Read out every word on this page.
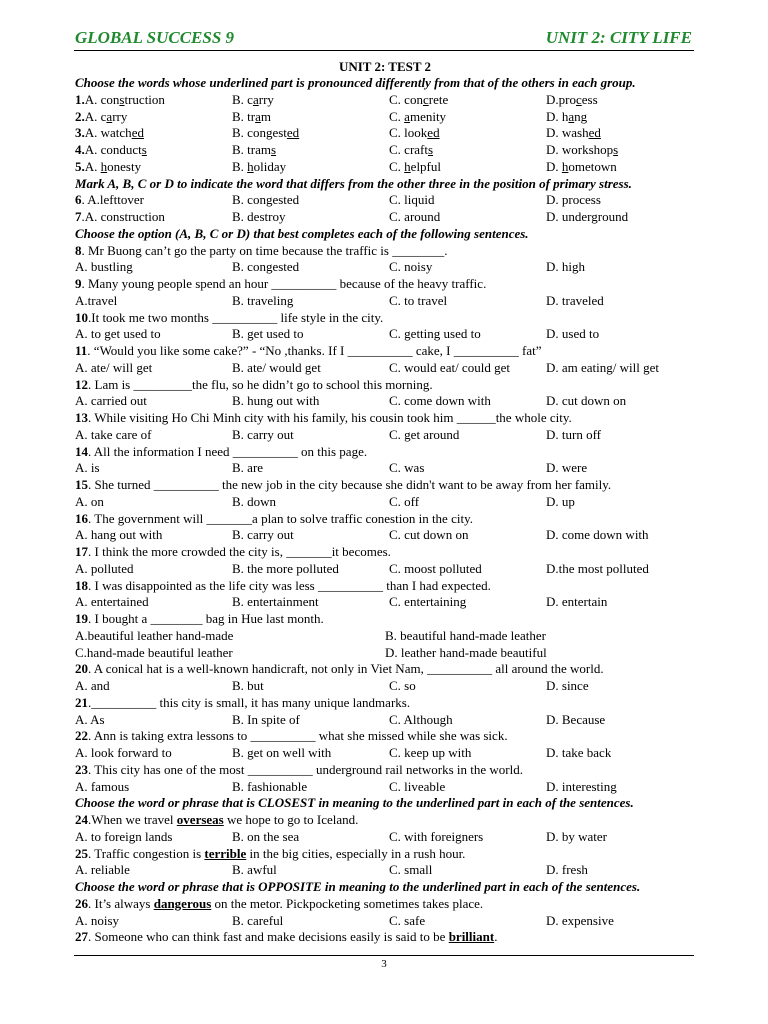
GLOBAL SUCCESS 9	UNIT 2: CITY LIFE
UNIT 2: TEST 2
Choose the words whose underlined part is pronounced differently from that of the others in each group.
1.A. construction	B. carry	C. concrete	D.process
2.A. carry	B. tram	C. amenity	D. hang
3.A. watched	B. congested	C. looked	D. washed
4.A. conducts	B. trams	C. crafts	D. workshops
5.A. honesty	B. holiday	C. helpful	D. hometown
Mark A, B, C or D to indicate the word that differs from the other three in the position of primary stress.
6. A.lefttover	B. congested	C. liquid	D. process
7.A. construction	B. destroy	C. around	D. underground
Choose the option (A, B, C or D) that best completes each of the following sentences.
8. Mr Buong can’t go the party on time because the traffic is ________.
A. bustling	B. congested	C. noisy	D. high
9. Many young people spend an hour __________ because of the heavy traffic.
A.travel	B. traveling	C. to travel	D. traveled
10.It took me two months __________ life style in the city.
A. to get used to	B. get used to	C. getting used to	D. used to
11. “Would you like some cake?” - “No ,thanks. If I __________ cake, I __________ fat”
A. ate/ will get	B. ate/ would get	C. would eat/ could get	D. am eating/ will get
12. Lam is _________the flu, so he didn’t go to school this morning.
A. carried out	B. hung out with	C. come down with	D. cut down on
13. While visiting Ho Chi Minh city with his family, his cousin took him ______the whole city.
A. take care of	B. carry out	C. get around	D. turn off
14. All the information I need __________ on this page.
A. is	B. are	C. was	D. were
15. She turned __________ the new job in the city because she didn't want to be away from her family.
A. on	B. down	C. off	D. up
16. The government will _______a plan to solve traffic conestion in the city.
A. hang out with	B. carry out	C. cut down on	D. come down with
17. I think the more crowded the city is, _______it becomes.
A. polluted	B. the more polluted	C. moost polluted	D.the most polluted
18. I was disappointed as the life city was less __________ than I had expected.
A. entertained	B. entertainment	C. entertaining	D. entertain
19. I bought a ________ bag in Hue last month.
A.beautiful leather hand-made	B. beautiful hand-made leather
C.hand-made beautiful leather	D. leather hand-made beautiful
20. A conical hat is a well-known handicraft, not only in Viet Nam, __________ all around the world.
A. and	B. but	C. so	D. since
21.__________ this city is small, it has many unique landmarks.
A. As	B. In spite of	C. Although	D. Because
22. Ann is taking extra lessons to __________ what she missed while she was sick.
A. look forward to	B. get on well with	C. keep up with	D. take back
23. This city has one of the most __________ underground rail networks in the world.
A. famous	B. fashionable	C. liveable	D. interesting
Choose the word or phrase that is CLOSEST in meaning to the underlined part in each of the sentences.
24.When we travel overseas we hope to go to Iceland.
A. to foreign lands	B. on the sea	C. with foreigners	D. by water
25. Traffic congestion is terrible in the big cities, especially in a rush hour.
A. reliable	B. awful	C. small	D. fresh
Choose the word or phrase that is OPPOSITE in meaning to the underlined part in each of the sentences.
26. It’s always dangerous on the metor. Pickpocketing sometimes takes place.
A. noisy	B. careful	C. safe	D. expensive
27. Someone who can think fast and make decisions easily is said to be brilliant.
3
